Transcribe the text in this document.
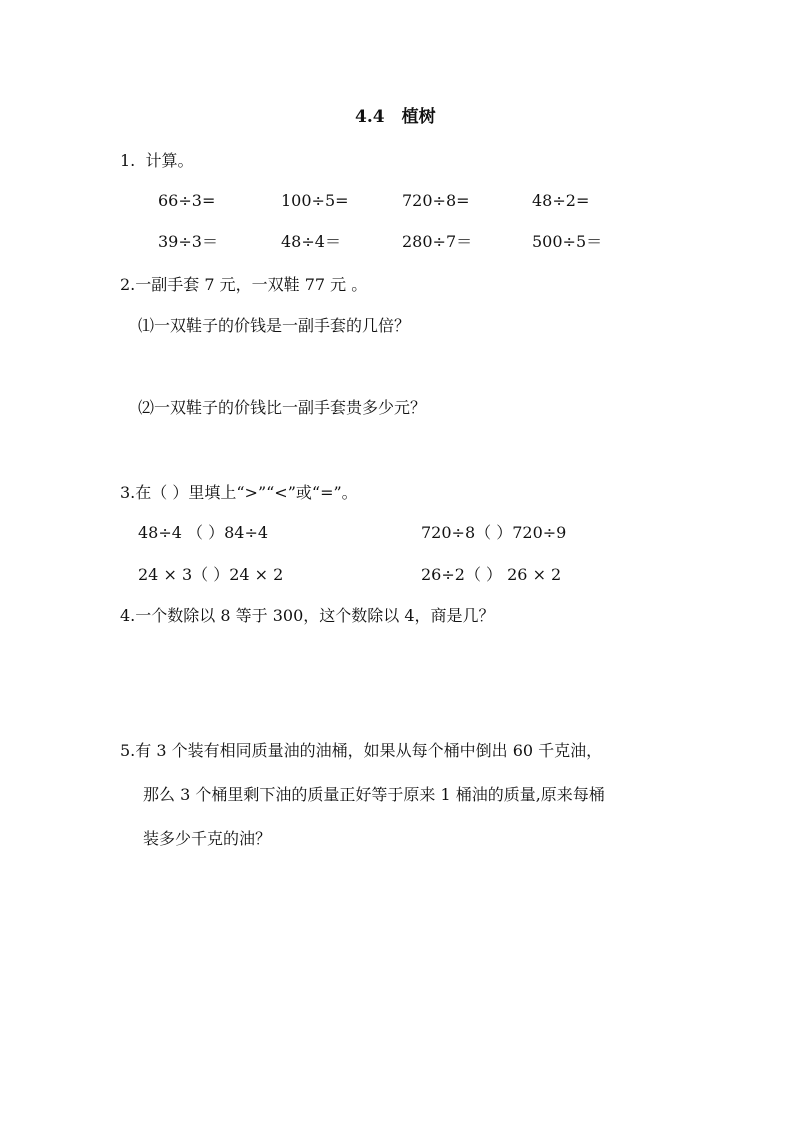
4.4　植树
1.  计算。
66÷3=	100÷5=	720÷8=	48÷2=
39÷3＝	48÷4＝	280÷7＝	500÷5＝
2.一副手套 7 元，一双鞋 77 元 。
⑴一双鞋子的价钱是一副手套的几倍？
⑵一双鞋子的价钱比一副手套贵多少元？
3.在（ ）里填上“>”“<”或“=”。
48÷4 （ ）84÷4	720÷8（ ）720÷9
24 × 3（ ）24 × 2	26÷2（ ） 26 × 2
4.一个数除以 8 等于 300，这个数除以 4，商是几？
5.有 3 个装有相同质量油的油桶，如果从每个桶中倒出 60 千克油，
那么 3 个桶里剩下油的质量正好等于原来 1 桶油的质量,原来每桶
装多少千克的油？
